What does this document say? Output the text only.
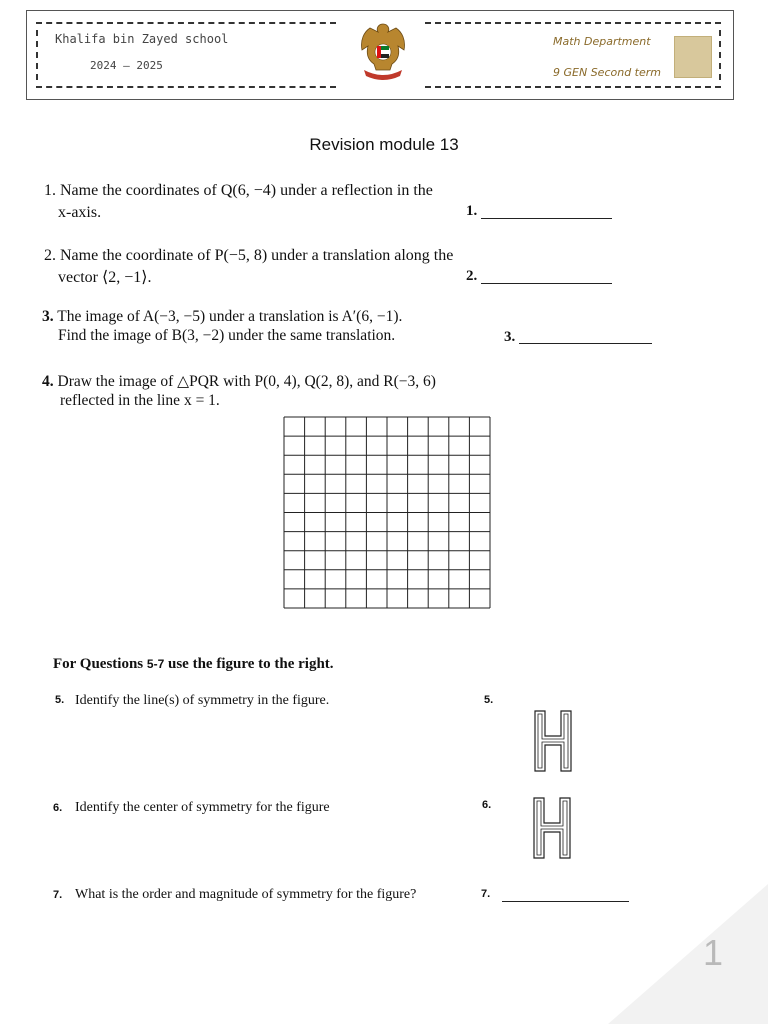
Khalifa bin Zayed school
2024 – 2025
Math Department
9 GEN Second term
Revision module 13
1. Name the coordinates of Q(6, −4) under a reflection in the
x-axis.	1.
2. Name the coordinate of P(−5, 8) under a translation along the
vector ⟨2, −1⟩.	2.
3. The image of A(−3, −5) under a translation is A′(6, −1).
Find the image of B(3, −2) under the same translation.	3.
4. Draw the image of △PQR with P(0, 4), Q(2, 8), and R(−3, 6)
reflected in the line x = 1.
For Questions 5-7 use the figure to the right.
5. Identify the line(s) of symmetry in the figure.	5.
6. Identify the center of symmetry for the figure	6.
7. What is the order and magnitude of symmetry for the figure?	7.
1
